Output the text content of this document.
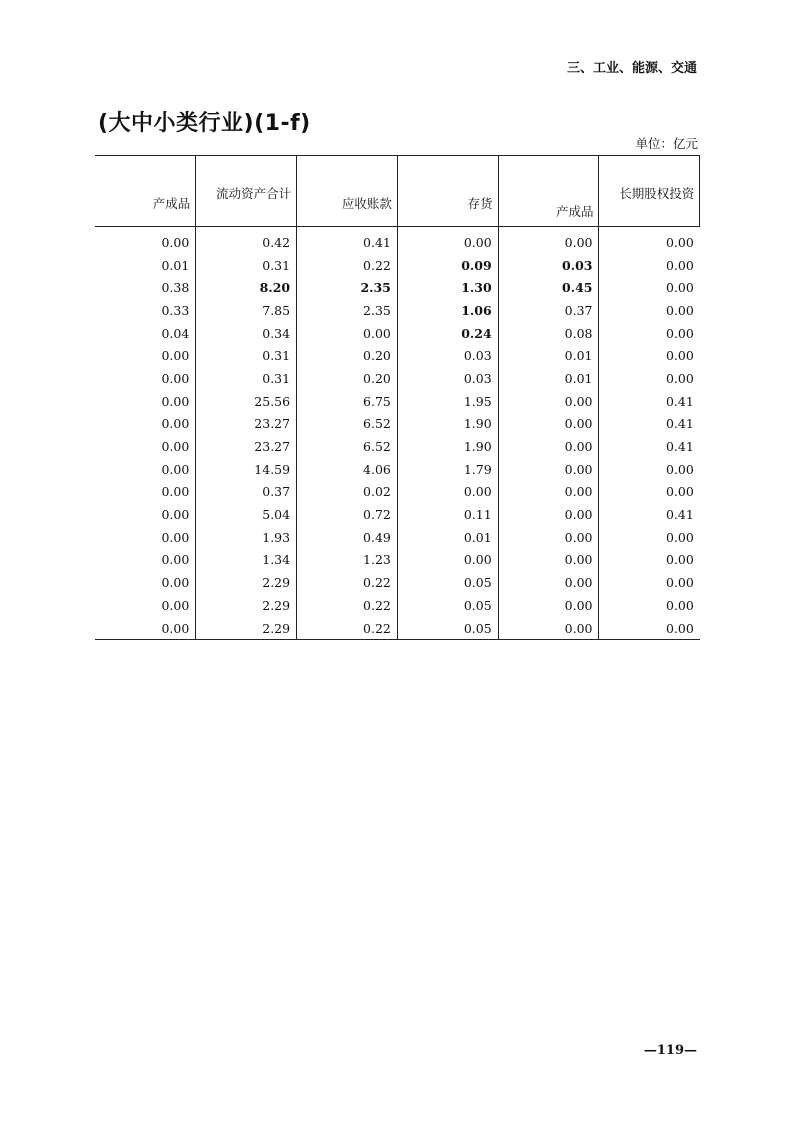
三、工业、能源、交通
(大中小类行业)(1-f)
单位：亿元
产成品	流动资产合计	应收账款	存货	产成品	长期股权投资

0.00	0.42	0.41	0.00	0.00	0.00
0.01	0.31	0.22	0.09	0.03	0.00
0.38	8.20	2.35	1.30	0.45	0.00
0.33	7.85	2.35	1.06	0.37	0.00
0.04	0.34	0.00	0.24	0.08	0.00
0.00	0.31	0.20	0.03	0.01	0.00
0.00	0.31	0.20	0.03	0.01	0.00
0.00	25.56	6.75	1.95	0.00	0.41
0.00	23.27	6.52	1.90	0.00	0.41
0.00	23.27	6.52	1.90	0.00	0.41
0.00	14.59	4.06	1.79	0.00	0.00
0.00	0.37	0.02	0.00	0.00	0.00
0.00	5.04	0.72	0.11	0.00	0.41
0.00	1.93	0.49	0.01	0.00	0.00
0.00	1.34	1.23	0.00	0.00	0.00
0.00	2.29	0.22	0.05	0.00	0.00
0.00	2.29	0.22	0.05	0.00	0.00
0.00	2.29	0.22	0.05	0.00	0.00
—119—
